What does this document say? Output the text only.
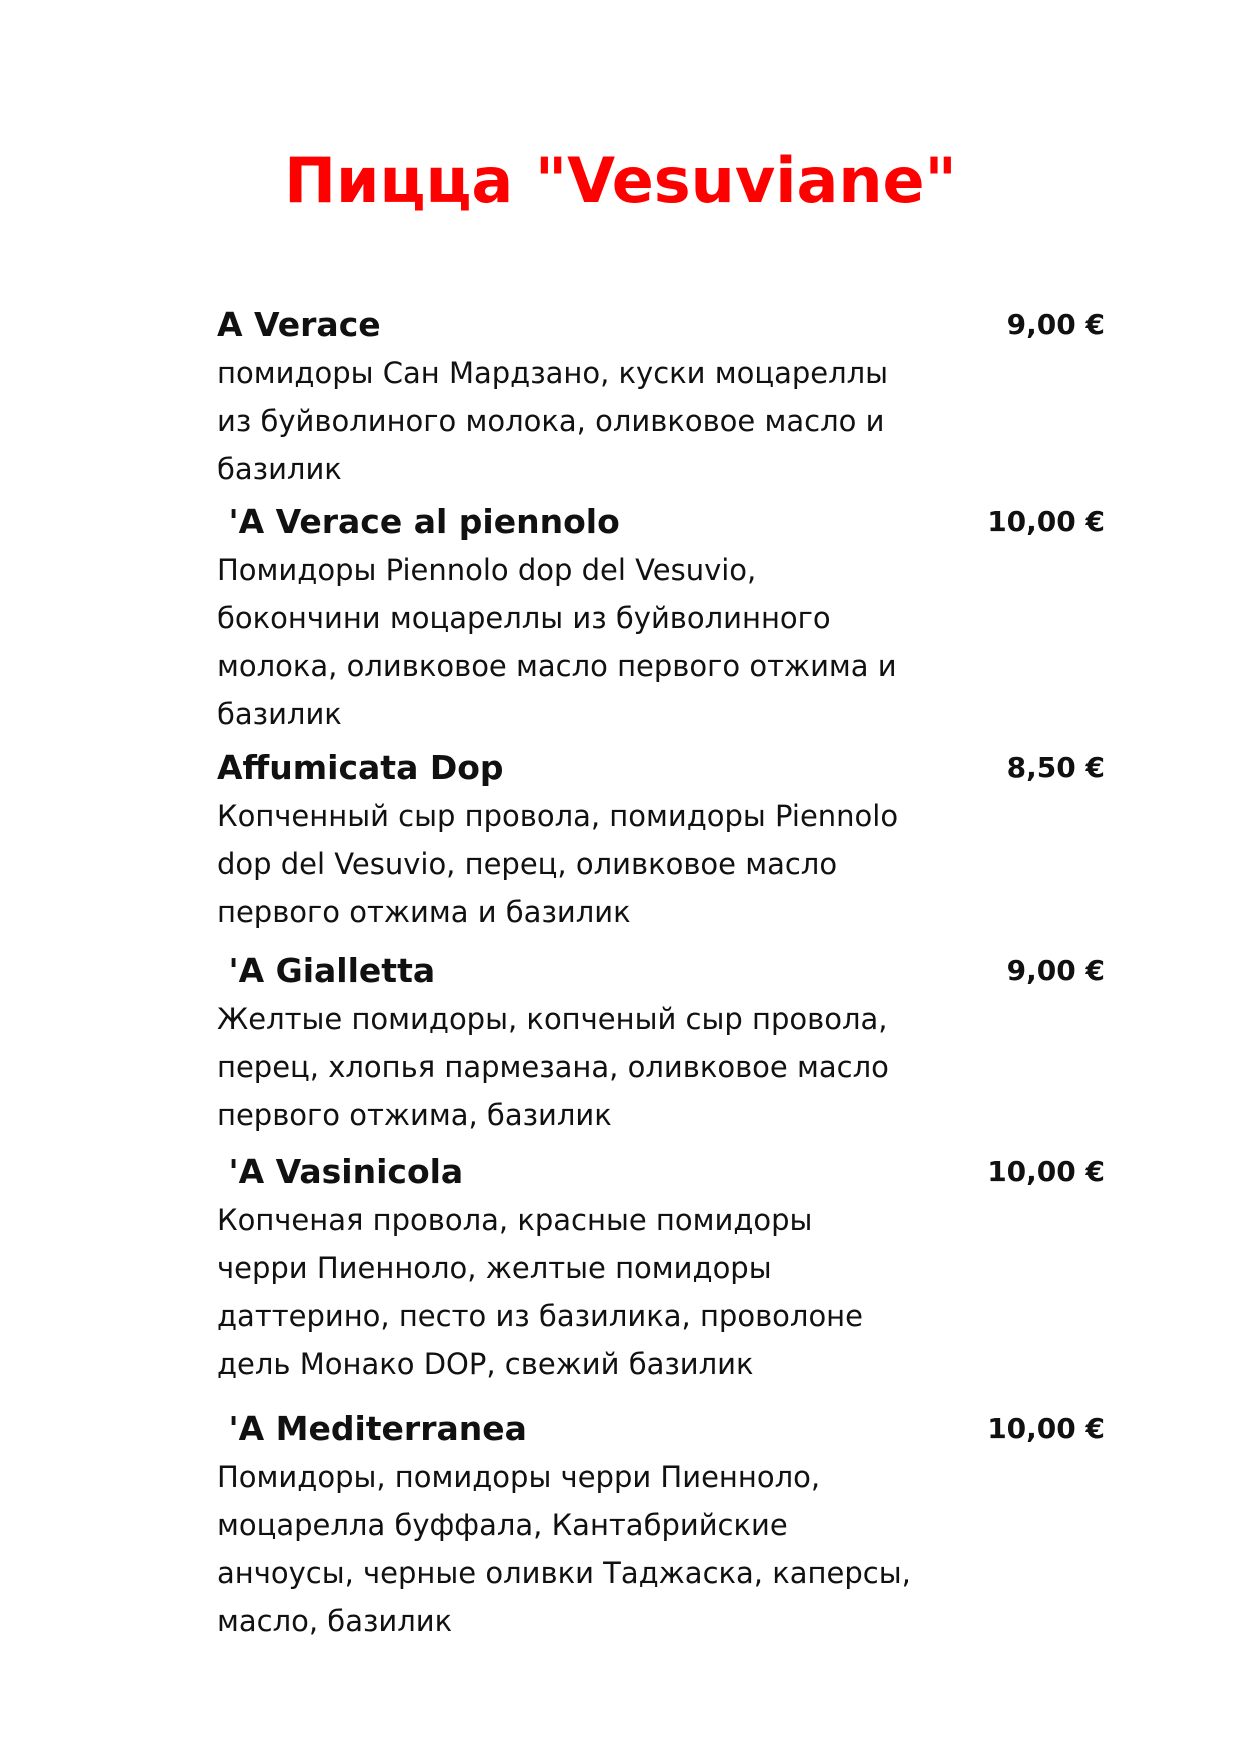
Пицца "Vesuviane"
A Verace	9,00 €
помидоры Сан Мардзано, куски моцареллы
из буйволиного молока, оливковое масло и
базилик
'A Verace al piennolo	10,00 €
Помидоры Piennolo dop del Vesuvio,
бокончини моцареллы из буйволинного
молока, оливковое масло первого отжима и
базилик
Affumicata Dop	8,50 €
Копченный сыр провола, помидоры Piennolo
dop del Vesuvio, перец, оливковое масло
первого отжима и базилик
'A Gialletta	9,00 €
Желтые помидоры, копченый сыр провола,
перец, хлопья пармезана, оливковое масло
первого отжима, базилик
'A Vasinicola	10,00 €
Копченая провола, красные помидоры
черри Пиенноло, желтые помидоры
даттерино, песто из базилика, проволоне
дель Монако DOP, свежий базилик
'A Mediterranea	10,00 €
Помидоры, помидоры черри Пиенноло,
моцарелла буффала, Кантабрийские
анчоусы, черные оливки Таджаска, каперсы,
масло, базилик
